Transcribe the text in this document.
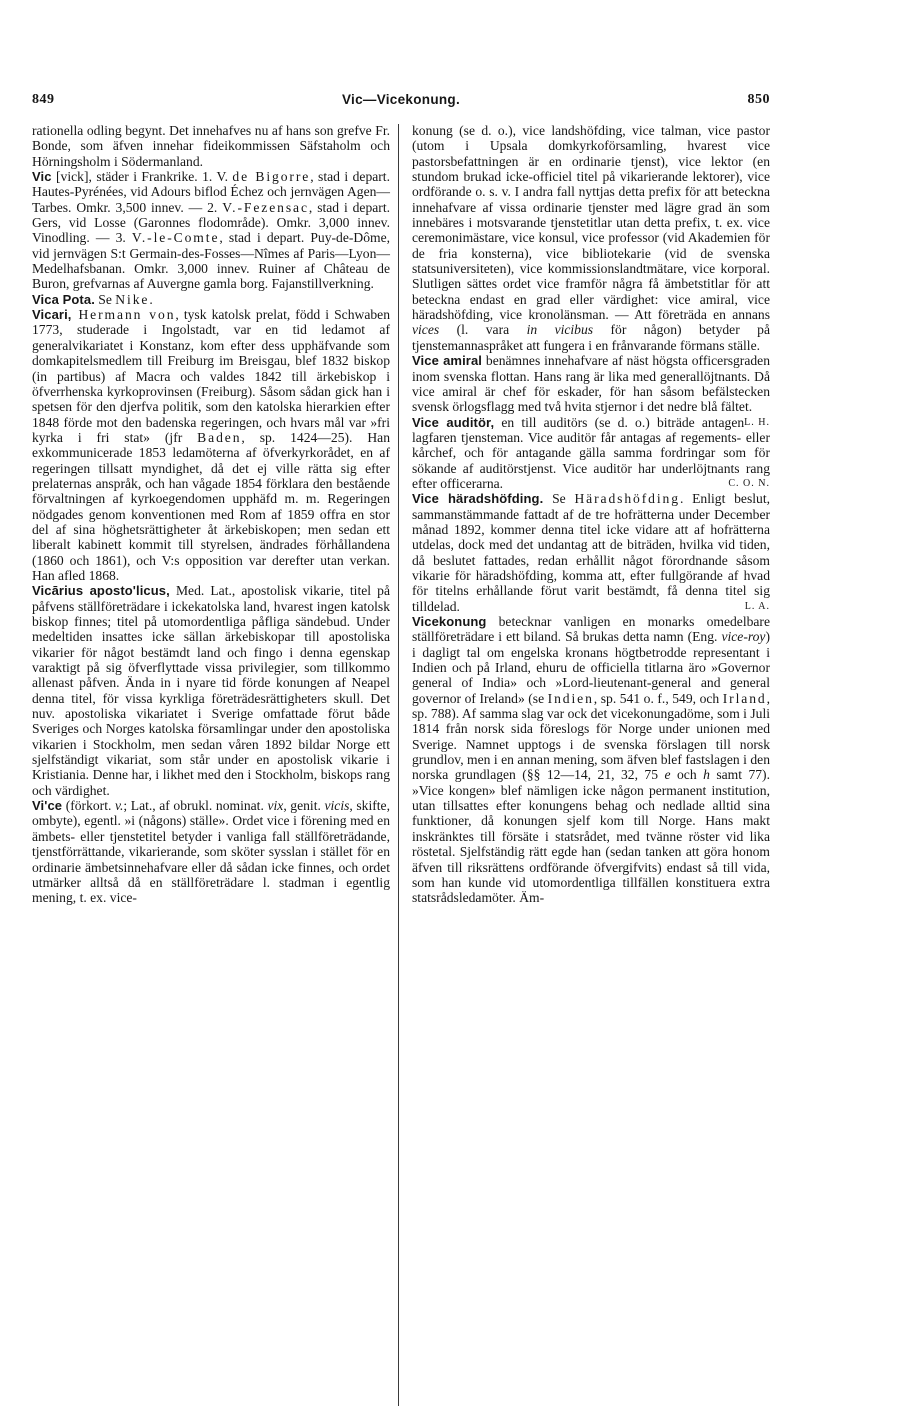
849	Vic—Vicekonung.	850

rationella odling begynt. Det innehafves nu af hans son grefve Fr. Bonde, som äfven innehar fideikommissen Säfstaholm och Hörningsholm i Södermanland.

Vic [vick], städer i Frankrike. 1. V. de Bigorre, stad i depart. Hautes-Pyrénées, vid Adours biflod Échez och jernvägen Agen—Tarbes. Omkr. 3,500 innev. — 2. V.-Fezensac, stad i depart. Gers, vid Losse (Garonnes flodområde). Omkr. 3,000 innev. Vinodling. — 3. V.-le-Comte, stad i depart. Puy-de-Dôme, vid jernvägen S:t Germain-des-Fosses—Nîmes af Paris—Lyon—Medelhafsbanan. Omkr. 3,000 innev. Ruiner af Château de Buron, grefvarnas af Auvergne gamla borg. Fajanstillverkning.

Vica Pota. Se Nike.

Vicari, Hermann von, tysk katolsk prelat, född i Schwaben 1773, studerade i Ingolstadt, var en tid ledamot af generalvikariatet i Konstanz, kom efter dess upphäfvande som domkapitelsmedlem till Freiburg im Breisgau, blef 1832 biskop (in partibus) af Macra och valdes 1842 till ärkebiskop i öfverrhenska kyrkoprovinsen (Freiburg). Såsom sådan gick han i spetsen för den djerfva politik, som den katolska hierarkien efter 1848 förde mot den badenska regeringen, och hvars mål var »fri kyrka i fri stat» (jfr Baden, sp. 1424—25). Han exkommunicerade 1853 ledamöterna af öfverkyrkorådet, en af regeringen tillsatt myndighet, då det ej ville rätta sig efter prelaternas anspråk, och han vågade 1854 förklara den bestående förvaltningen af kyrkoegendomen upphäfd m. m. Regeringen nödgades genom konventionen med Rom af 1859 offra en stor del af sina höghetsrättigheter åt ärkebiskopen; men sedan ett liberalt kabinett kommit till styrelsen, ändrades förhållandena (1860 och 1861), och V:s opposition var derefter utan verkan. Han afled 1868.

Vicārius aposto'licus, Med. Lat., apostolisk vikarie, titel på påfvens ställföreträdare i ickekatolska land, hvarest ingen katolsk biskop finnes; titel på utomordentliga påfliga sändebud. Under medeltiden insattes icke sällan ärkebiskopar till apostoliska vikarier för något bestämdt land och fingo i denna egenskap varaktigt på sig öfverflyttade vissa privilegier, som tillkommo allenast påfven. Ända in i nyare tid förde konungen af Neapel denna titel, för vissa kyrkliga företrädesrättigheters skull. Det nuv. apostoliska vikariatet i Sverige omfattade förut både Sveriges och Norges katolska församlingar under den apostoliska vikarien i Stockholm, men sedan våren 1892 bildar Norge ett sjelfständigt vikariat, som står under en apostolisk vikarie i Kristiania. Denne har, i likhet med den i Stockholm, biskops rang och värdighet.

Vi'ce (förkort. v.; Lat., af obrukl. nominat. vix, genit. vicis, skifte, ombyte), egentl. »i (någons) ställe». Ordet vice i förening med en ämbets- eller tjenstetitel betyder i vanliga fall ställföreträdande, tjenstförrättande, vikarierande, som sköter sysslan i stället för en ordinarie ämbetsinnehafvare eller då sådan icke finnes, och ordet utmärker alltså då en ställföreträdare l. stadman i egentlig mening, t. ex. vice-

konung (se d. o.), vice landshöfding, vice talman, vice pastor (utom i Upsala domkyrkoförsamling, hvarest vice pastorsbefattningen är en ordinarie tjenst), vice lektor (en stundom brukad icke-officiel titel på vikarierande lektorer), vice ordförande o. s. v. I andra fall nyttjas detta prefix för att beteckna innehafvare af vissa ordinarie tjenster med lägre grad än som innebäres i motsvarande tjenstetitlar utan detta prefix, t. ex. vice ceremonimästare, vice konsul, vice professor (vid Akademien för de fria konsterna), vice bibliotekarie (vid de svenska statsuniversiteten), vice kommissionslandtmätare, vice korporal. Slutligen sättes ordet vice framför några få ämbetstitlar för att beteckna endast en grad eller värdighet: vice amiral, vice häradshöfding, vice kronolänsman. — Att företräda en annans vices (l. vara in vicibus för någon) betyder på tjenstemannaspråket att fungera i en frånvarande förmans ställe.

Vice amiral benämnes innehafvare af näst högsta officersgraden inom svenska flottan. Hans rang är lika med generallöjtnants. Då vice amiral är chef för eskader, för han såsom befälstecken svensk örlogsflagg med två hvita stjernor i det nedre blå fältet.
L. H.

Vice auditör, en till auditörs (se d. o.) biträde antagen lagfaren tjensteman. Vice auditör får antagas af regements- eller kårchef, och för antagande gälla samma fordringar som för sökande af auditörstjenst. Vice auditör har underlöjtnants rang efter officerarna.	C. O. N.

Vice häradshöfding. Se Häradshöfding. Enligt beslut, sammanstämmande fattadt af de tre hofrätterna under December månad 1892, kommer denna titel icke vidare att af hofrätterna utdelas, dock med det undantag att de biträden, hvilka vid tiden, då beslutet fattades, redan erhållit något förordnande såsom vikarie för häradshöfding, komma att, efter fullgörande af hvad för titelns erhållande förut varit bestämdt, få denna titel sig tilldelad.	L. A.

Vicekonung betecknar vanligen en monarks omedelbare ställföreträdare i ett biland. Så brukas detta namn (Eng. vice-roy) i dagligt tal om engelska kronans högtbetrodde representant i Indien och på Irland, ehuru de officiella titlarna äro »Governor general of India» och »Lord-lieutenant-general and general governor of Ireland» (se Indien, sp. 541 o. f., 549, och Irland, sp. 788). Af samma slag var ock det vicekonungadöme, som i Juli 1814 från norsk sida föreslogs för Norge under unionen med Sverige. Namnet upptogs i de svenska förslagen till norsk grundlov, men i en annan mening, som äfven blef fastslagen i den norska grundlagen (§§ 12—14, 21, 32, 75 e och h samt 77). »Vice kongen» blef nämligen icke någon permanent institution, utan tillsattes efter konungens behag och nedlade alltid sina funktioner, då konungen sjelf kom till Norge. Hans makt inskränktes till försäte i statsrådet, med tvänne röster vid lika röstetal. Sjelfständig rätt egde han (sedan tanken att göra honom äfven till riksrättens ordförande öfvergifvits) endast så till vida, som han kunde vid utomordentliga tillfällen konstituera extra statsrådsledamöter. Äm-
